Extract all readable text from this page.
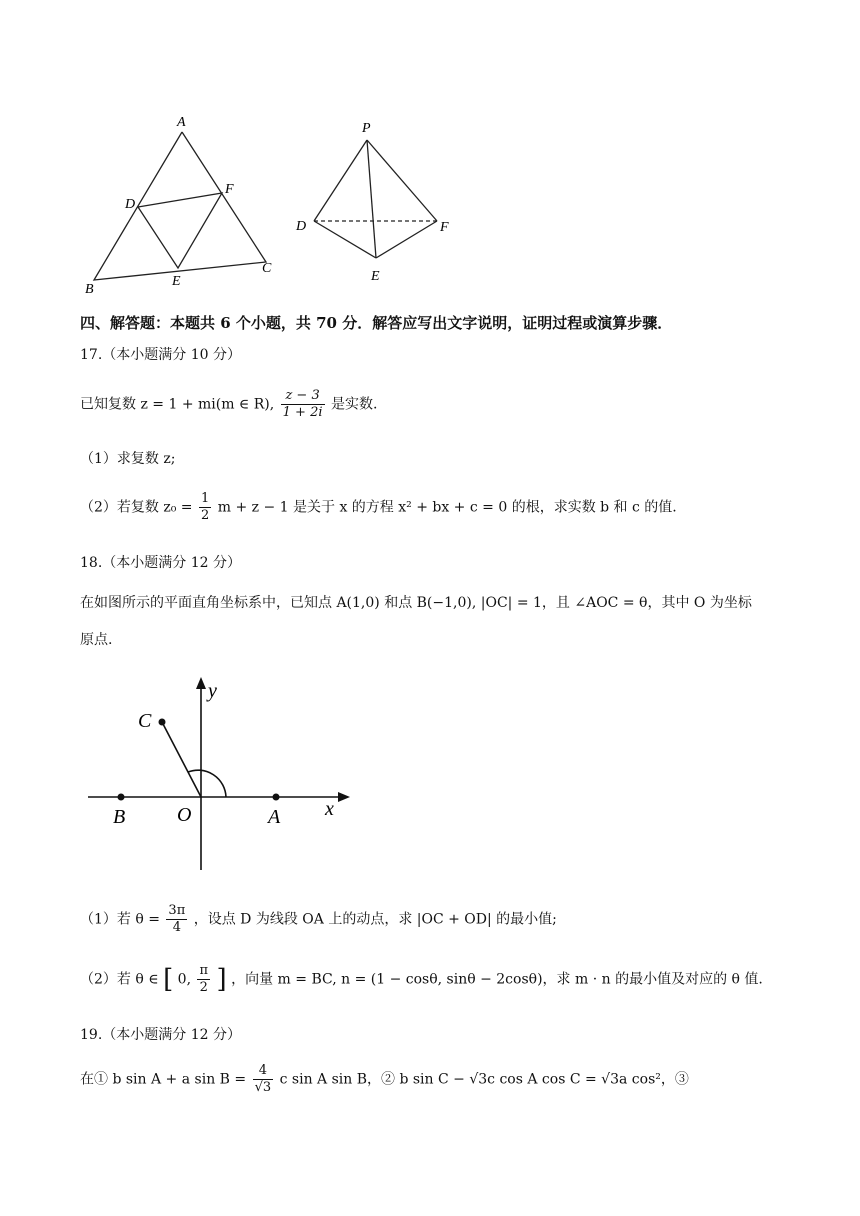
A
B
C
D
E
F
P
D
E
F
四、解答题：本题共 6 个小题，共 70 分．解答应写出文字说明，证明过程或演算步骤．
17.（本小题满分 10 分）
已知复数 z = 1 + mi(m ∈ R), $\frac{z - 3}{1 + 2i}$ 是实数.
（1）求复数 z;
（2）若复数 $z_0 = \frac{1}{2}$ m + z − 1 是关于 x 的方程 x² + bx + c = 0 的根，求实数 b 和 c 的值.
18.（本小题满分 12 分）
在如图所示的平面直角坐标系中，已知点 A(1,0) 和点 B(−1,0), |OC| = 1，且 ∠AOC = θ，其中 O 为坐标
原点.
y
x
C
B	O	A
（1）若 $\theta = \frac{3\pi}{4}$ ，设点 D 为线段 OA 上的动点，求 |OC + OD| 的最小值;
（2）若 θ ∈ [ 0, $\frac{\pi}{2}$ ] ，向量 m = BC, n = (1 − cosθ, sinθ − 2cosθ)，求 m · n 的最小值及对应的 θ 值.
19.（本小题满分 12 分）
在① b sin A + a $\sin B = \frac{4}{√3}$ c sin A sin B，② b sin C − √3c cos A cos C = √3a cos²，③
